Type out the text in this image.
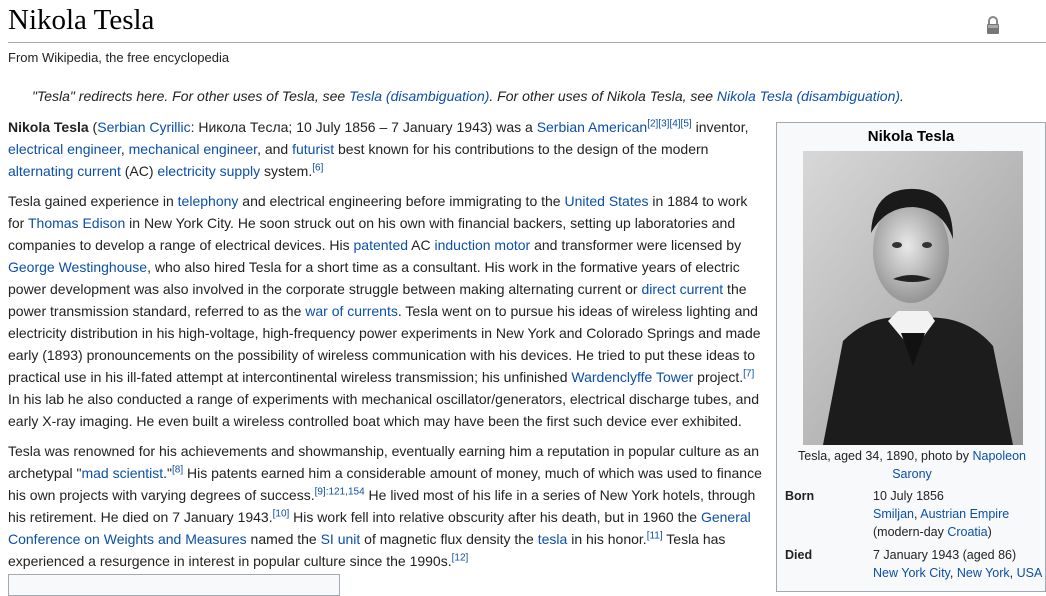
Nikola Tesla
From Wikipedia, the free encyclopedia
"Tesla" redirects here. For other uses of Tesla, see Tesla (disambiguation). For other uses of Nikola Tesla, see Nikola Tesla (disambiguation).

Nikola Tesla (Serbian Cyrillic: Никола Тесла; 10 July 1856 – 7 January 1943) was a Serbian American[2][3][4][5] inventor,
electrical engineer, mechanical engineer, and futurist best known for his contributions to the design of the modern
alternating current (AC) electricity supply system.[6]

Tesla gained experience in telephony and electrical engineering before immigrating to the United States in 1884 to work for Thomas Edison in New York City. He soon struck out on his own with financial backers, setting up laboratories and companies to develop a range of electrical devices. His patented AC induction motor and transformer were licensed by George Westinghouse, who also hired Tesla for a short time as a consultant. His work in the formative years of electric power development was also involved in the corporate struggle between making alternating current or direct current the power transmission standard, referred to as the war of currents. Tesla went on to pursue his ideas of wireless lighting and electricity distribution in his high-voltage, high-frequency power experiments in New York and Colorado Springs and made early (1893) pronouncements on the possibility of wireless communication with his devices. He tried to put these ideas to practical use in his ill-fated attempt at intercontinental wireless transmission; his unfinished Wardenclyffe Tower project.[7] In his lab he also conducted a range of experiments with mechanical oscillator/generators, electrical discharge tubes, and early X-ray imaging. He even built a wireless controlled boat which may have been the first such device ever exhibited.

Tesla was renowned for his achievements and showmanship, eventually earning him a reputation in popular culture as an archetypal "mad scientist."[8] His patents earned him a considerable amount of money, much of which was used to finance his own projects with varying degrees of success.$^{[9]:121,154}$ He lived most of his life in a series of New York hotels, through his retirement. He died on 7 January 1943.[10] His work fell into relative obscurity after his death, but in 1960 the General Conference on Weights and Measures named the SI unit of magnetic flux density the tesla in his honor.[11] Tesla has experienced a resurgence in interest in popular culture since the 1990s.[12]

Nikola Tesla
Tesla, aged 34, 1890, photo by Napoleon Sarony
Born	10 July 1856
Smiljan, Austrian Empire
(modern-day Croatia)
Died	7 January 1943 (aged 86)
New York City, New York, USA
